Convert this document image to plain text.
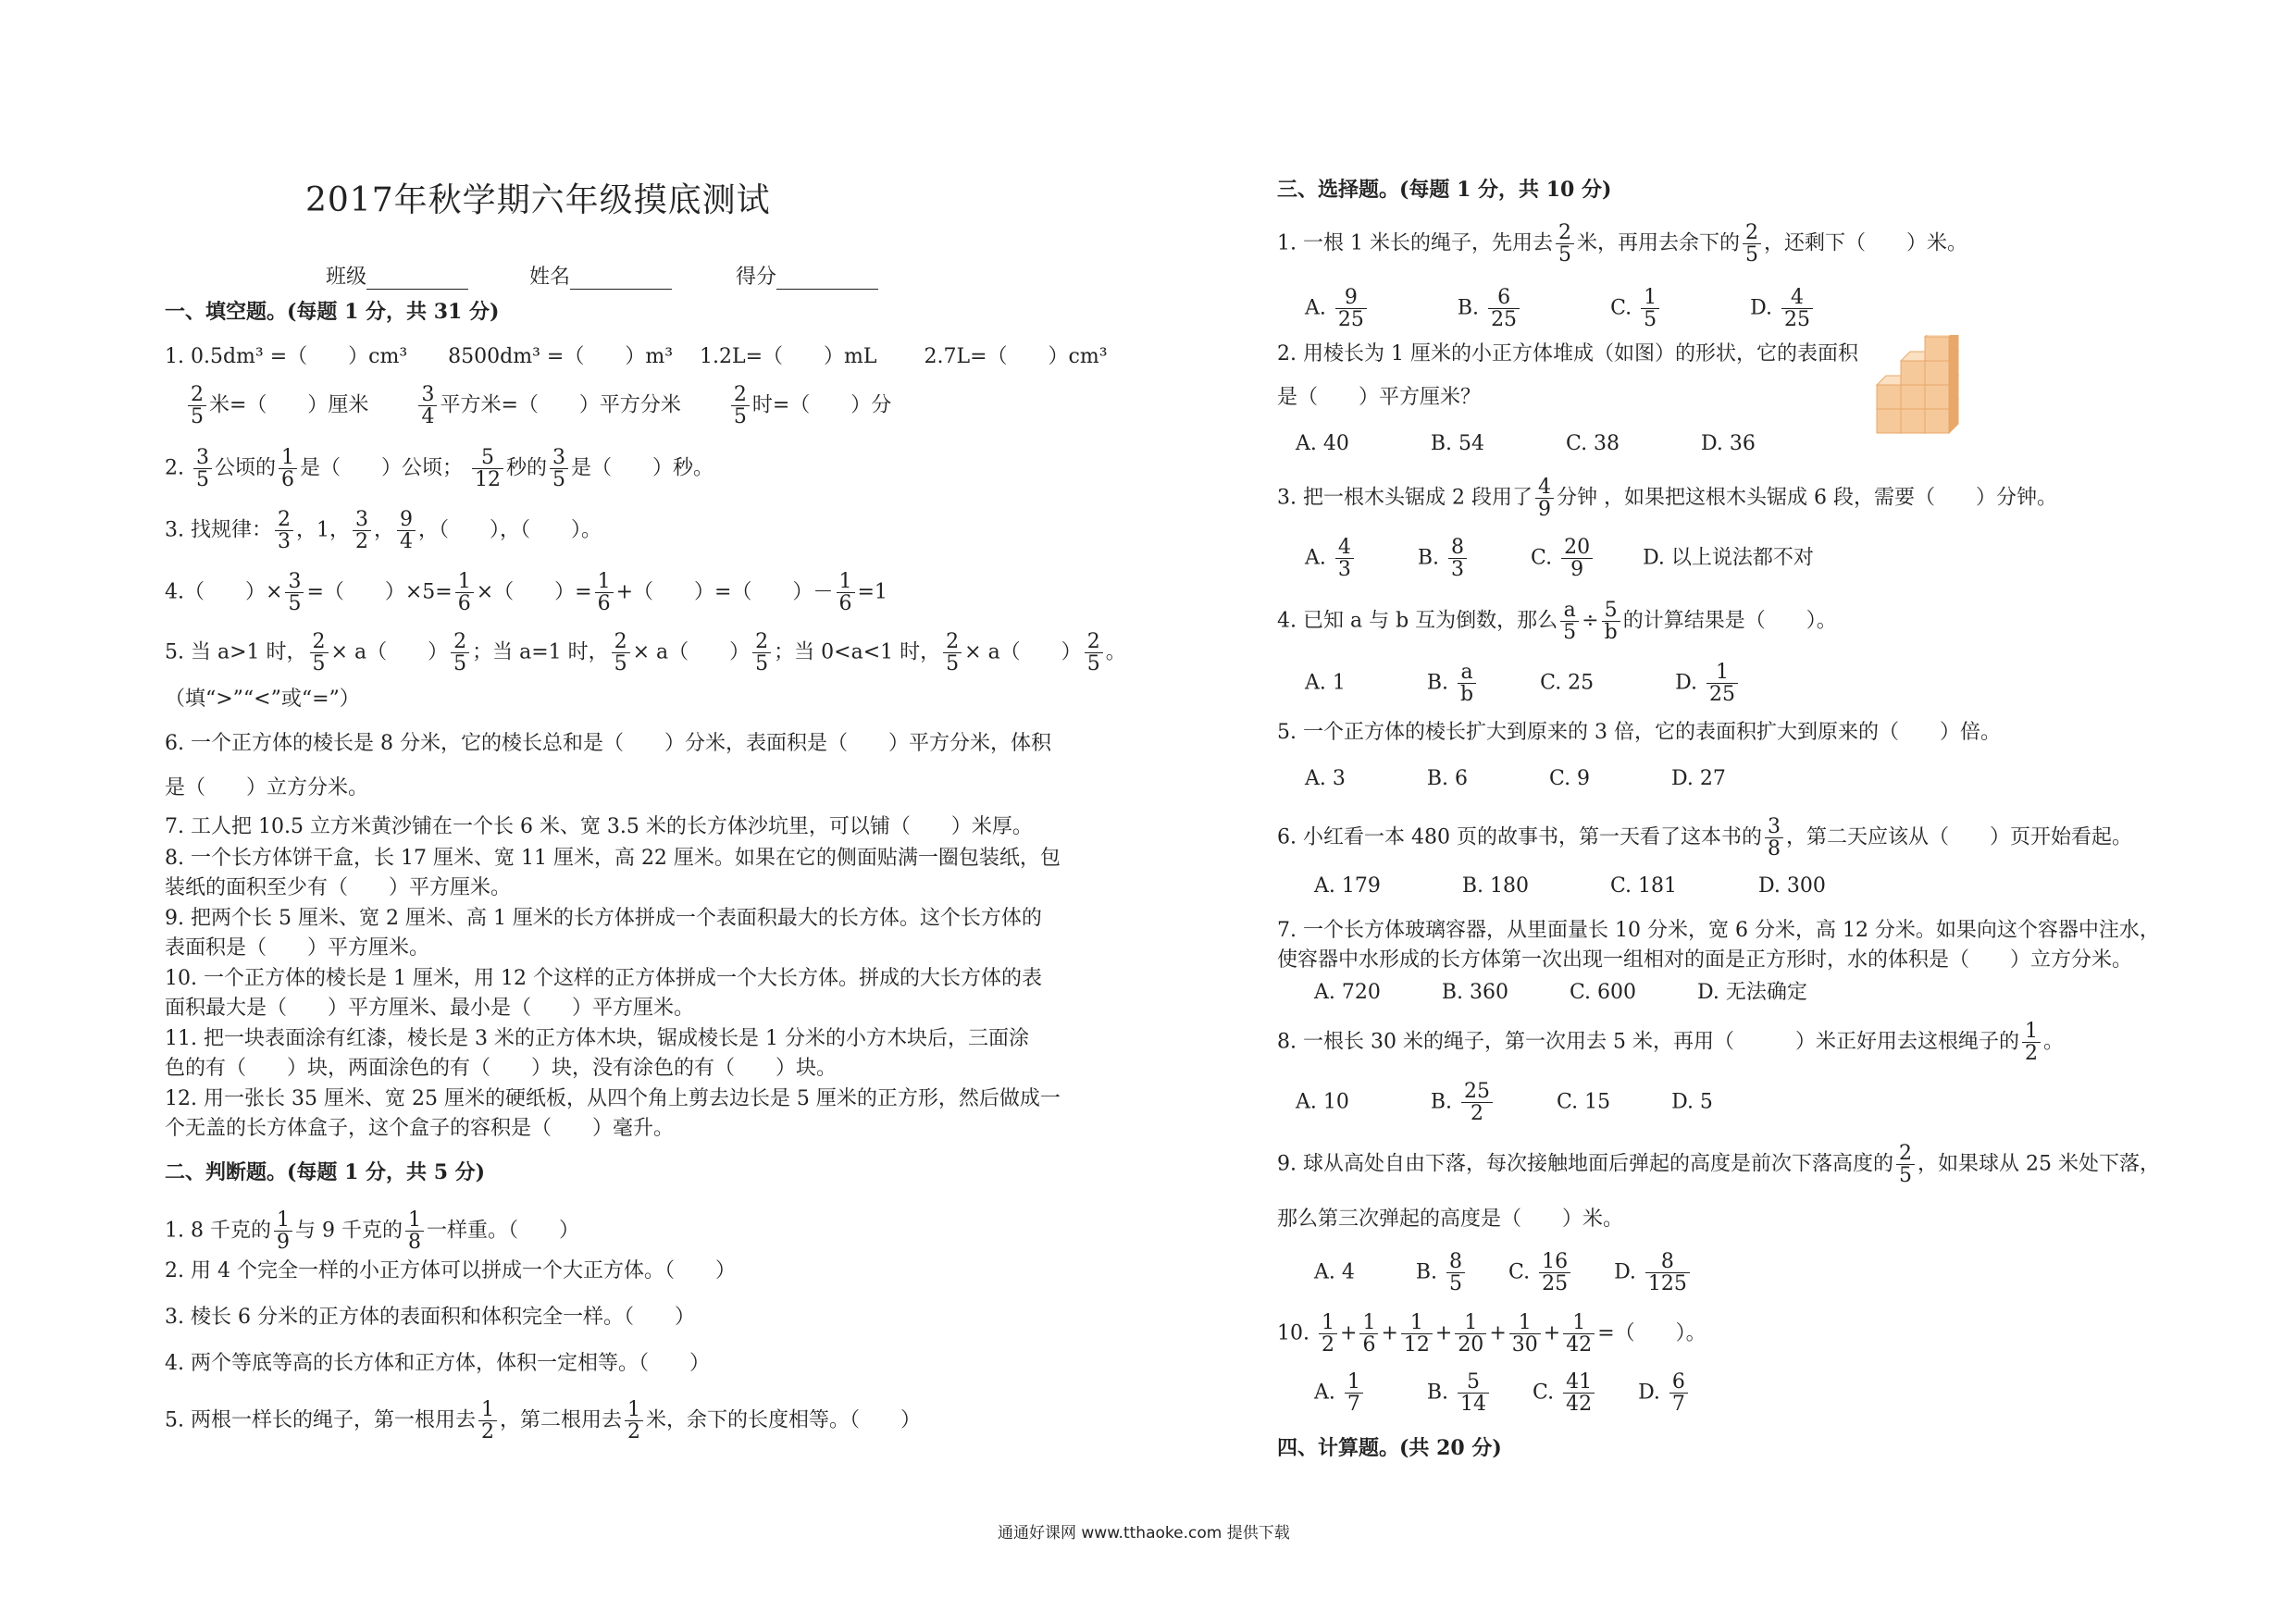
2017年秋学期六年级摸底测试
班级	姓名	得分
一、填空题。(每题 1 分，共 31 分)
1. 0.5dm³ =（　　）cm³　　8500dm³ =（　　）m³　 1.2L=（　　）mL　　 2.7L=（　　）cm³
$\frac{2}{5}$ 米=（　　）厘米 　　 $\frac{3}{4}$ 平方米=（　　）平方分米 　　 $\frac{2}{5}$ 时=（　　）分
2. $\frac{3}{5}$ 公顷的 $\frac{1}{6}$ 是（　　）公顷； $\frac{5}{12}$ 秒的 $\frac{3}{5}$ 是（　　）秒。
3. 找规律： $\frac{2}{3}$ ，1， $\frac{3}{2}$ ， $\frac{9}{4}$ ，（　　），（　　）。
4.（　　）× $\frac{3}{5}$ =（　　）$\times 5= \frac{1}{6}$ ×（　　）= $\frac{1}{6}$ +（　　）=（　　）－ $\frac{1}{6} =1$
5. 当 a>1 时， $\frac{2}{5} \times a$（　　） $\frac{2}{5}$ ；当 a=1 时， $\frac{2}{5} \times a$（　　） $\frac{2}{5}$ ；当 0<a<1 时， $\frac{2}{5} \times a$（　　） $\frac{2}{5}$ 。
（填“>”“<”或“=”）
6. 一个正方体的棱长是 8 分米，它的棱长总和是（　　）分米，表面积是（　　）平方分米，体积
是（　　）立方分米。
7. 工人把 10.5 立方米黄沙铺在一个长 6 米、宽 3.5 米的长方体沙坑里，可以铺（　　）米厚。
8. 一个长方体饼干盒，长 17 厘米、宽 11 厘米，高 22 厘米。如果在它的侧面贴满一圈包装纸，包
装纸的面积至少有（　　）平方厘米。
9. 把两个长 5 厘米、宽 2 厘米、高 1 厘米的长方体拼成一个表面积最大的长方体。这个长方体的
表面积是（　　）平方厘米。
10. 一个正方体的棱长是 1 厘米，用 12 个这样的正方体拼成一个大长方体。拼成的大长方体的表
面积最大是（　　）平方厘米、最小是（　　）平方厘米。
11. 把一块表面涂有红漆，棱长是 3 米的正方体木块，锯成棱长是 1 分米的小方木块后，三面涂
色的有（　　）块，两面涂色的有（　　）块，没有涂色的有（　　）块。
12. 用一张长 35 厘米、宽 25 厘米的硬纸板，从四个角上剪去边长是 5 厘米的正方形，然后做成一
个无盖的长方体盒子，这个盒子的容积是（　　）毫升。
二、判断题。(每题 1 分，共 5 分)
1. 8 千克的 $\frac{1}{9}$ 与 9 千克的 $\frac{1}{8}$ 一样重。（　　）
2. 用 4 个完全一样的小正方体可以拼成一个大正方体。（　　）
3. 棱长 6 分米的正方体的表面积和体积完全一样。（　　）
4. 两个等底等高的长方体和正方体，体积一定相等。（　　）
5. 两根一样长的绳子，第一根用去 $\frac{1}{2}$ ，第二根用去 $\frac{1}{2}$ 米，余下的长度相等。（　　）
三、选择题。(每题 1 分，共 10 分)
1. 一根 1 米长的绳子，先用去 $\frac{2}{5}$ 米，再用去余下的 $\frac{2}{5}$ ，还剩下（　　）米。
A. $\frac{9}{25}$
　　　　	B. $\frac{6}{25}$
　　　　	C. $\frac{1}{5}$
　　　　	D. $\frac{4}{25}$
2. 用棱长为 1 厘米的小正方体堆成（如图）的形状，它的表面积
是（　　）平方厘米？
A. 40　　　　B. 54　　　　C. 38　　　　D. 36
3. 把一根木头锯成 2 段用了 $\frac{4}{9}$ 分钟 ，如果把这根木头锯成 6 段，需要（　　）分钟。
A. $\frac{4}{3}$ 　　　B. $\frac{8}{3}$ 　　　C. $\frac{20}{9}$
　　 D. 以上说法都不对
4. 已知 a 与 b 互为倒数，那么 $\frac{a}{5} \div \frac{5}{b}$ 的计算结果是（　　）。
A. 1　　　　B. $\frac{a}{b}$
　　　	C. 25　　　　D. $\frac{1}{25}$
5. 一个正方体的棱长扩大到原来的 3 倍，它的表面积扩大到原来的（　　）倍。
A. 3　　　　B. 6　　　　C. 9　　　　D. 27
6. 小红看一本 480 页的故事书，第一天看了这本书的 $\frac{3}{8}$ ，第二天应该从（　　）页开始看起。
A. 179　　　　B. 180　　　　C. 181　　　　D. 300
7. 一个长方体玻璃容器，从里面量长 10 分米，宽 6 分米，高 12 分米。如果向这个容器中注水，
使容器中水形成的长方体第一次出现一组相对的面是正方形时，水的体积是（　　）立方分米。
A. 720　　　B. 360　　　C. 600　　　D. 无法确定
8. 一根长 30 米的绳子，第一次用去 5 米，再用（　　　）米正好用去这根绳子的 $\frac{1}{2}$ 。
A. 10　　　　B. $\frac{25}{2}$
　　　	C. 15　　　	D. 5
9. 球从高处自由下落，每次接触地面后弹起的高度是前次下落高度的 $\frac{2}{5}$ ，如果球从 25 米处下落，
那么第三次弹起的高度是（　　）米。
A. 4　　　B. $\frac{8}{5}$ 　　C. $\frac{16}{25}$ 　　D. $\frac{8}{125}$
10. $\frac{1}{2} + \frac{1}{6} + \frac{1}{12} + \frac{1}{20} + \frac{1}{30} + \frac{1}{42}$ =（　　）。
A. $\frac{1}{7}$ 　　　B. $\frac{5}{14}$ 　　C. $\frac{41}{42}$ 　　D. $\frac{6}{7}$
四、计算题。(共 20 分)
通通好课网 www.tthaoke.com 提供下载
